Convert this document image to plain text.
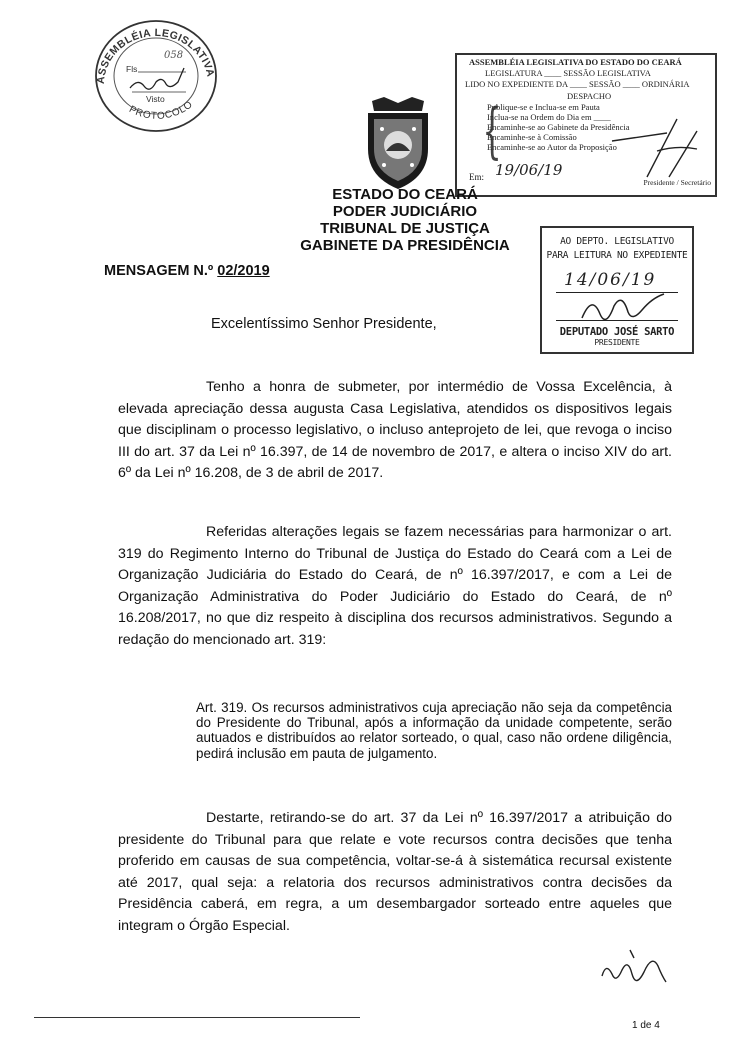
ASSEMBLÉIA LEGISLATIVA
PROTOCOLO
Fls
058
Visto
ASSEMBLÉIA LEGISLATIVA DO ESTADO DO CEARÁ
LEGISLATURA ____ SESSÃO LEGISLATIVA
LIDO NO EXPEDIENTE DA ____ SESSÃO ____ ORDINÁRIA
DESPACHO
{
Publique-se e Inclua-se em Pauta
Inclua-se na Ordem do Dia em ____
Encaminhe-se ao Gabinete da Presidência
Encaminhe-se à Comissão
Encaminhe-se ao Autor da Proposição
Em: 19/06/19
Presidente / Secretário
ESTADO DO CEARÁ
PODER JUDICIÁRIO
TRIBUNAL DE JUSTIÇA
GABINETE DA PRESIDÊNCIA	AO DEPTO. LEGISLATIVO
PARA LEITURA NO EXPEDIENTE
14/06/19
DEPUTADO JOSÉ SARTO
PRESIDENTE
MENSAGEM N.º 02/2019
Excelentíssimo Senhor Presidente,
Tenho a honra de submeter, por intermédio de Vossa Excelência, à elevada apreciação dessa augusta Casa Legislativa, atendidos os dispositivos legais que disciplinam o processo legislativo, o incluso anteprojeto de lei, que revoga o inciso III do art. 37 da Lei nº 16.397, de 14 de novembro de 2017, e altera o inciso XIV do art. 6º da Lei nº 16.208, de 3 de abril de 2017.
Referidas alterações legais se fazem necessárias para harmonizar o art. 319 do Regimento Interno do Tribunal de Justiça do Estado do Ceará com a Lei de Organização Judiciária do Estado do Ceará, de nº 16.397/2017, e com a Lei de Organização Administrativa do Poder Judiciário do Estado do Ceará, de nº 16.208/2017, no que diz respeito à disciplina dos recursos administrativos. Segundo a redação do mencionado art. 319:
Art. 319. Os recursos administrativos cuja apreciação não seja da competência do Presidente do Tribunal, após a informação da unidade competente, serão autuados e distribuídos ao relator sorteado, o qual, caso não ordene diligência, pedirá inclusão em pauta de julgamento.
Destarte, retirando-se do art. 37 da Lei nº 16.397/2017 a atribuição do presidente do Tribunal para que relate e vote recursos contra decisões que tenha proferido em causas de sua competência, voltar-se-á à sistemática recursal existente até 2017, qual seja: a relatoria dos recursos administrativos contra decisões da Presidência caberá, em regra, a um desembargador sorteado entre aqueles que integram o Órgão Especial.
1 de 4
